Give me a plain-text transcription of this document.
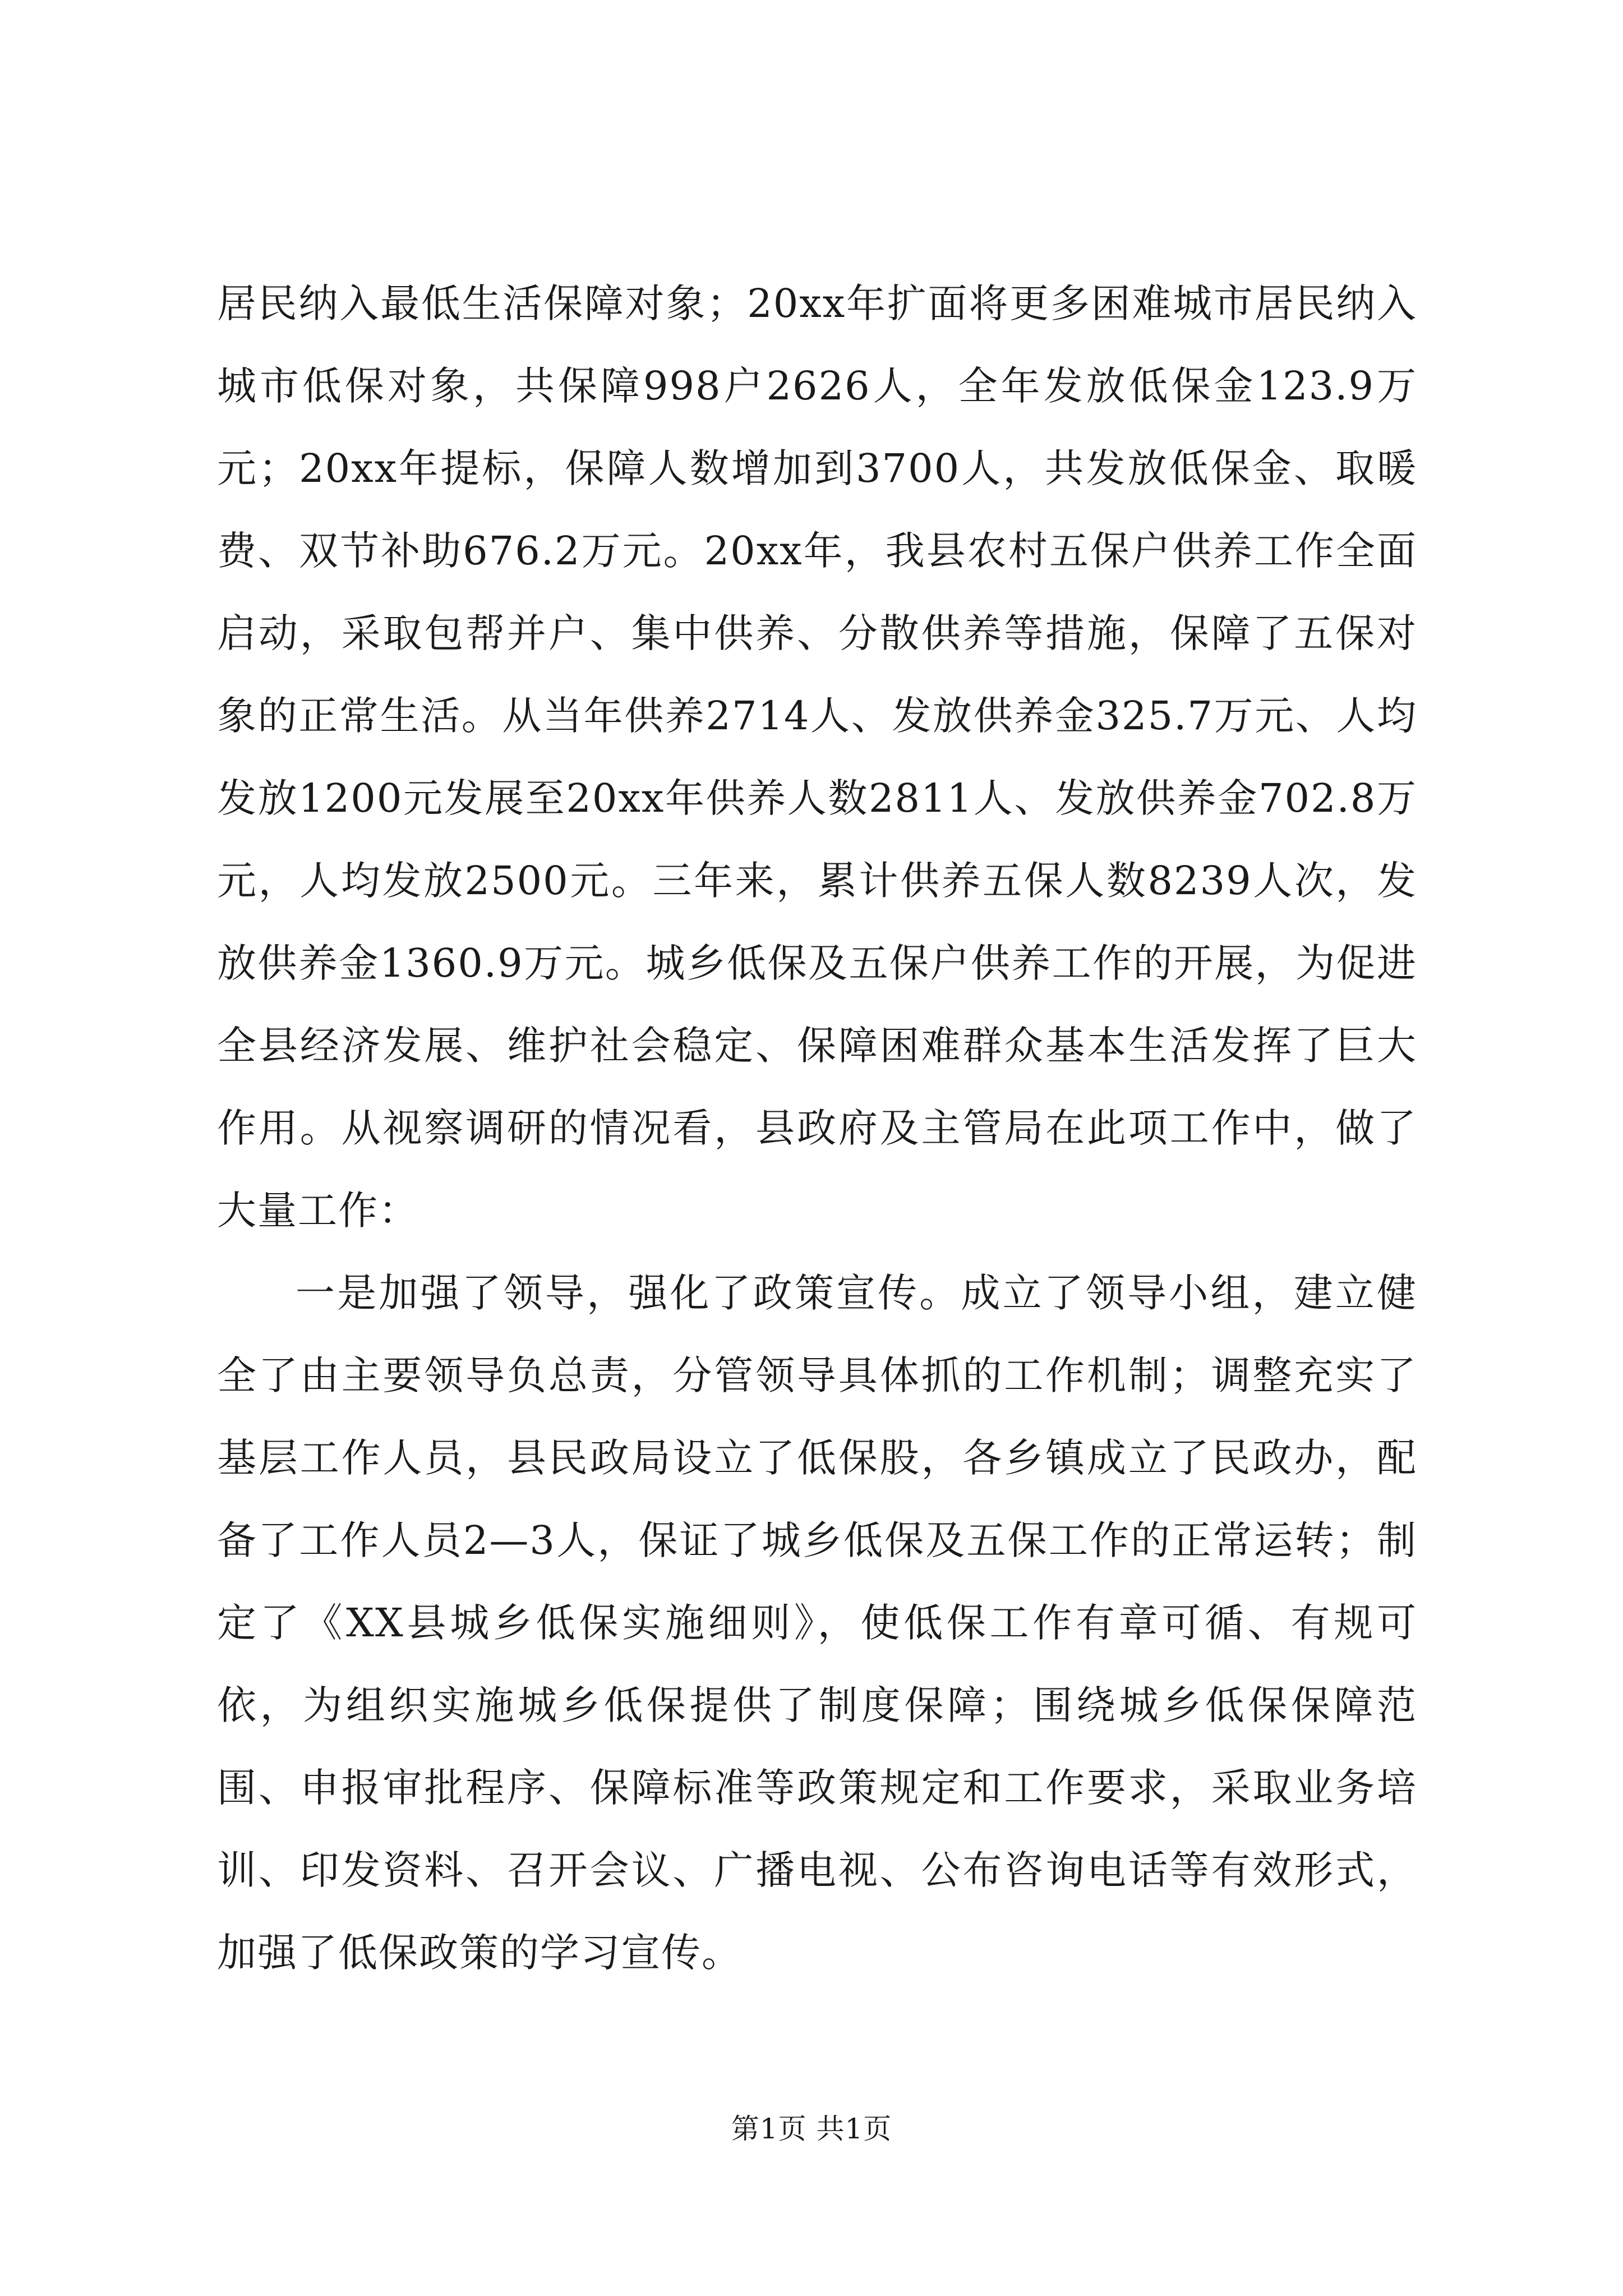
居民纳入最低生活保障对象；20xx年扩面将更多困难城市居民纳入城市低保对象，共保障998户2626人，全年发放低保金123.9万元；20xx年提标，保障人数增加到3700人，共发放低保金、取暖费、双节补助676.2万元。20xx年，我县农村五保户供养工作全面启动，采取包帮并户、集中供养、分散供养等措施，保障了五保对象的正常生活。从当年供养2714人、发放供养金325.7万元、人均发放1200元发展至20xx年供养人数2811人、发放供养金702.8万元，人均发放2500元。三年来，累计供养五保人数8239人次，发放供养金1360.9万元。城乡低保及五保户供养工作的开展，为促进全县经济发展、维护社会稳定、保障困难群众基本生活发挥了巨大作用。从视察调研的情况看，县政府及主管局在此项工作中，做了大量工作：

一是加强了领导，强化了政策宣传。成立了领导小组，建立健全了由主要领导负总责，分管领导具体抓的工作机制；调整充实了基层工作人员，县民政局设立了低保股，各乡镇成立了民政办，配备了工作人员2—3人，保证了城乡低保及五保工作的正常运转；制定了《XX县城乡低保实施细则》，使低保工作有章可循、有规可依，为组织实施城乡低保提供了制度保障；围绕城乡低保保障范围、申报审批程序、保障标准等政策规定和工作要求，采取业务培训、印发资料、召开会议、广播电视、公布咨询电话等有效形式，加强了低保政策的学习宣传。

第1页 共1页
